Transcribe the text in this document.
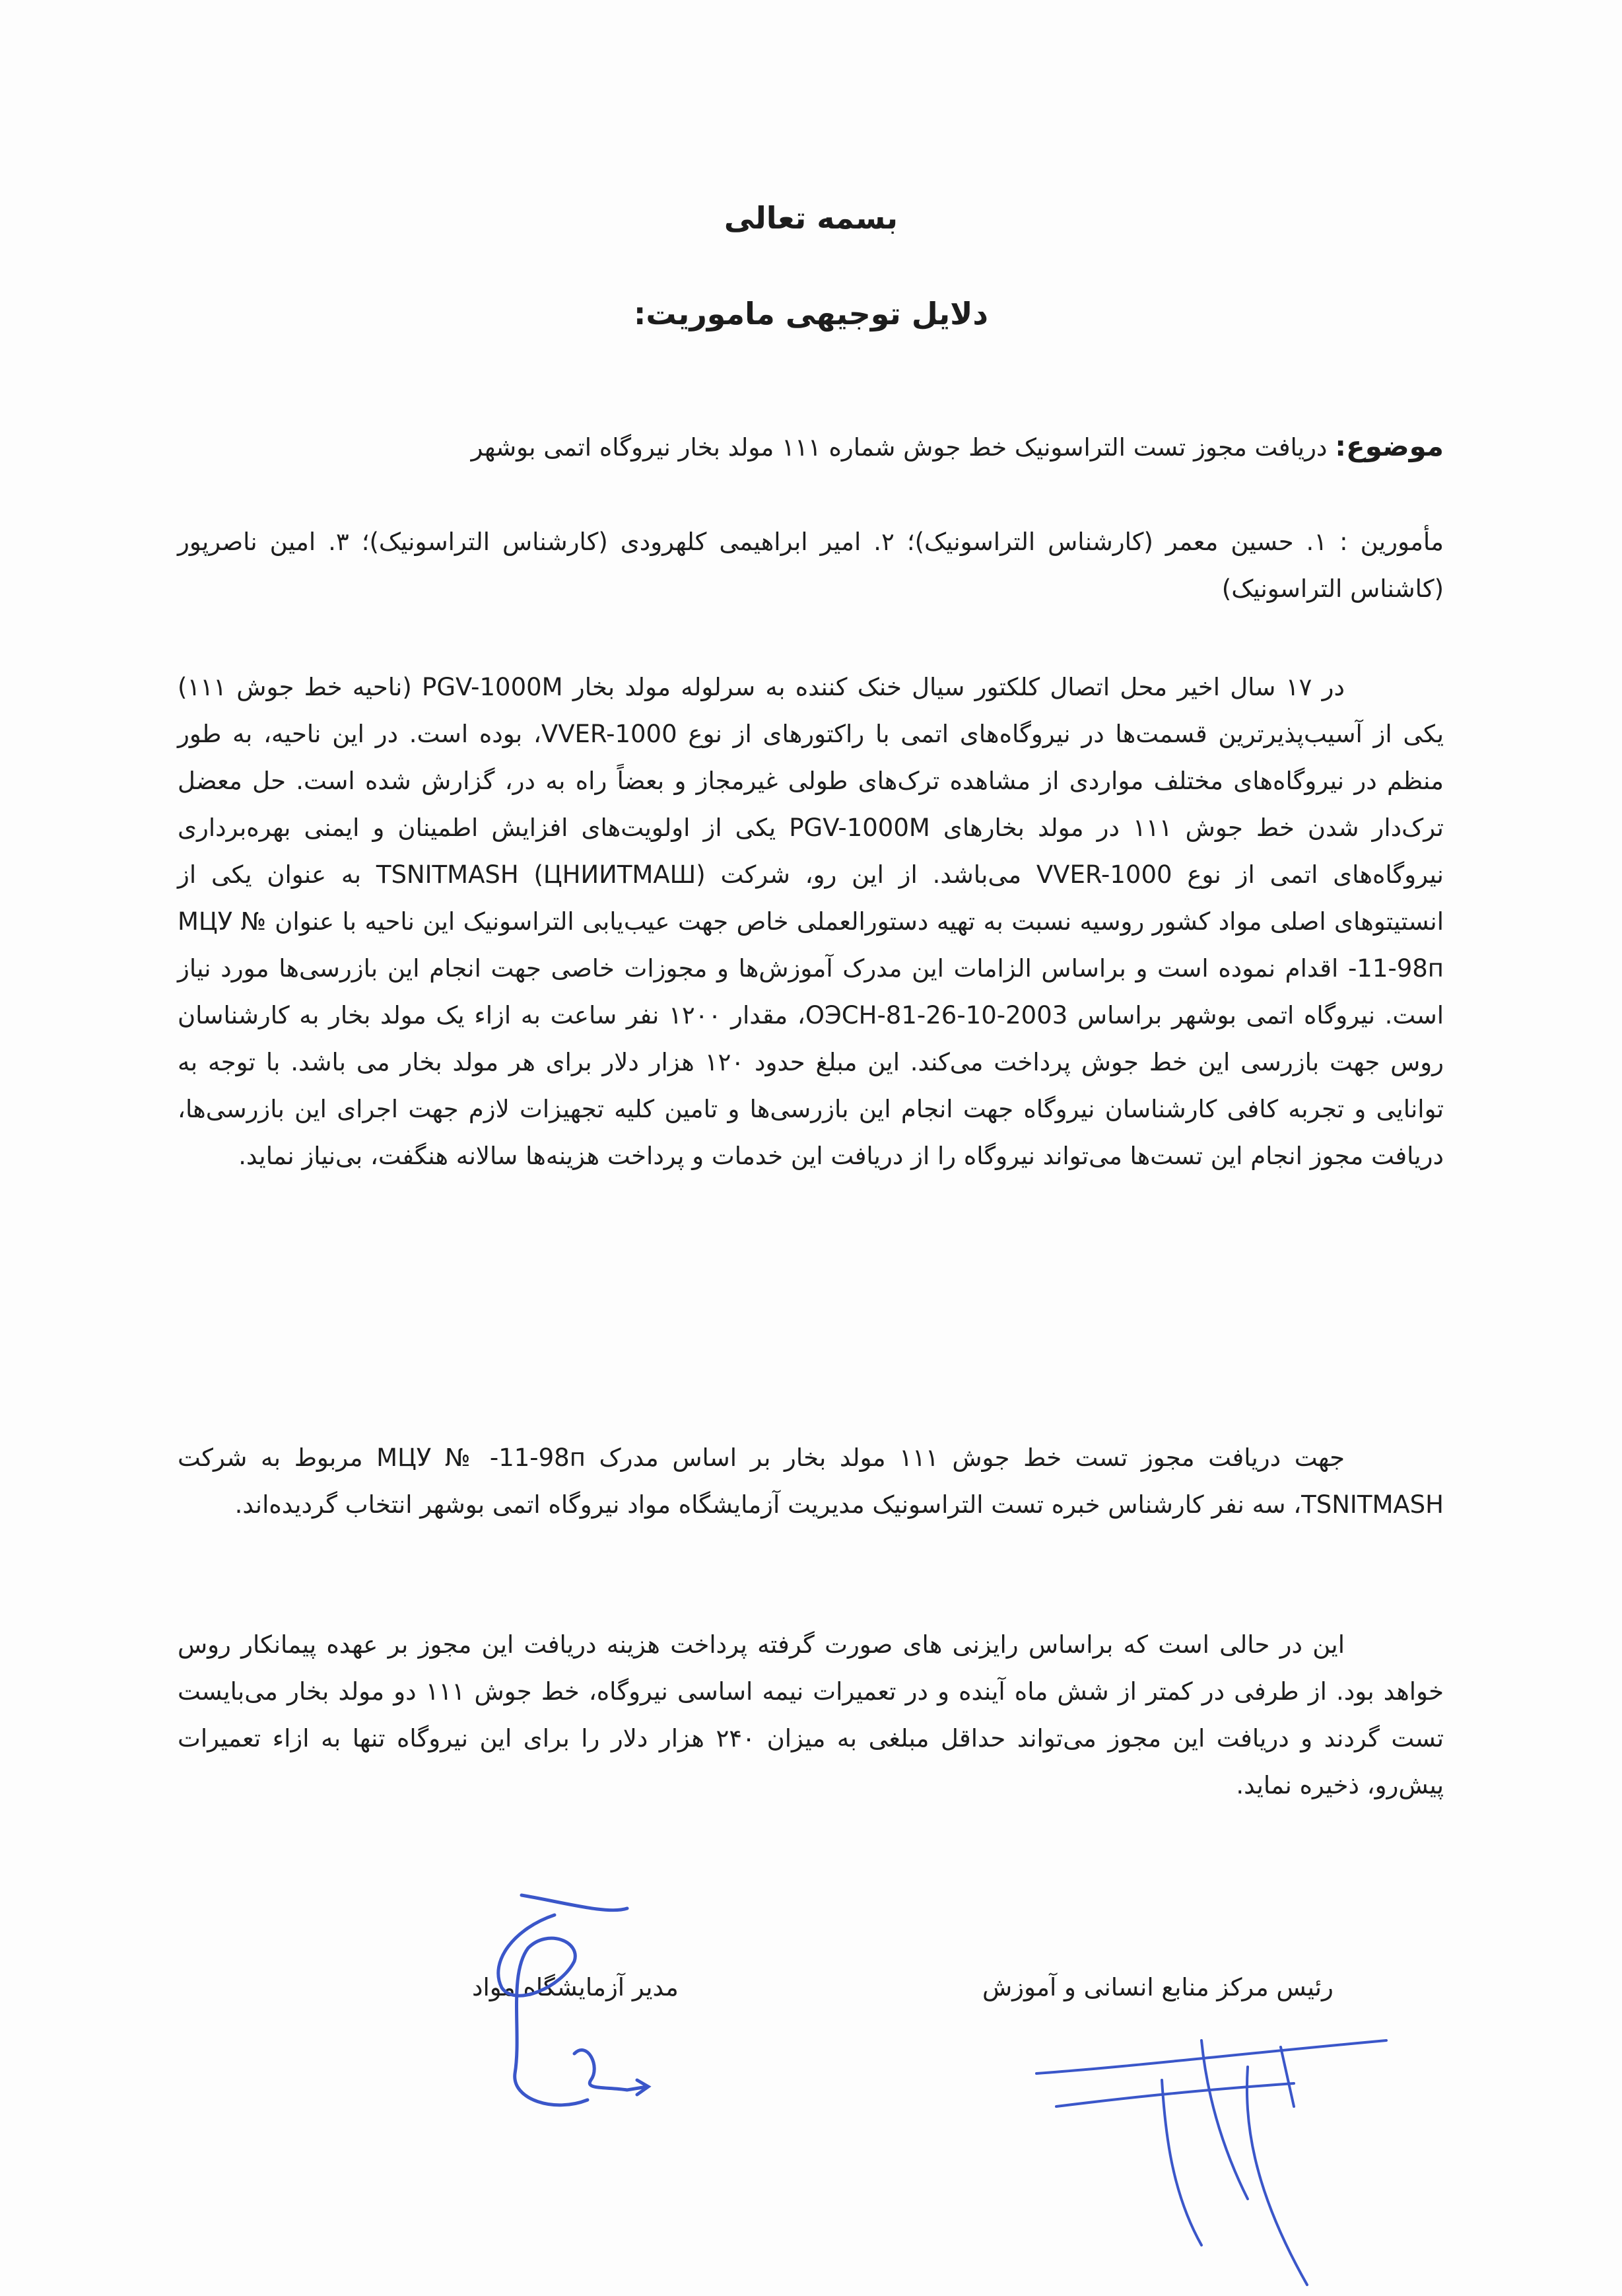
بسمه تعالی
دلایل توجیهی ماموریت:
موضوع: دریافت مجوز تست التراسونیک خط جوش شماره ۱۱۱ مولد بخار نیروگاه اتمی بوشهر
مأمورین : ۱. حسین معمر (کارشناس التراسونیک)؛ ۲. امیر ابراهیمی کلهرودی (کارشناس التراسونیک)؛ ۳. امین ناصرپور (کاشناس التراسونیک)
در ۱۷ سال اخیر محل اتصال کلکتور سیال خنک کننده به سرلوله مولد بخار PGV-1000M (ناحیه خط جوش ۱۱۱) یکی از آسیب‌پذیرترین قسمت‌ها در نیروگاه‌های اتمی با راکتورهای از نوع VVER-1000، بوده است. در این ناحیه، به طور منظم در نیروگاه‌های مختلف مواردی از مشاهده ترک‌های طولی غیرمجاز و بعضاً راه به در، گزارش شده است. حل معضل ترک‌دار شدن خط جوش ۱۱۱ در مولد بخارهای PGV-1000M یکی از اولویت‌های افزایش اطمینان و ایمنی بهره‌برداری نیروگاه‌های اتمی از نوع VVER-1000 می‌باشد. از این رو، شرکت TSNITMASH (ЦНИИТМАШ) به عنوان یکی از انستیتوهای اصلی مواد کشور روسیه نسبت به تهیه دستورالعملی خاص جهت عیب‌یابی التراسونیک این ناحیه با عنوان МЦУ № -11-98п اقدام نموده است و براساس الزامات این مدرک آموزش‌ها و مجوزات خاصی جهت انجام این بازرسی‌ها مورد نیاز است. نیروگاه اتمی بوشهر براساس ОЭСН-81-26-10-2003، مقدار ۱۲۰۰ نفر ساعت به ازاء یک مولد بخار به کارشناسان روس جهت بازرسی این خط جوش پرداخت می‌کند. این مبلغ حدود ۱۲۰ هزار دلار برای هر مولد بخار می باشد. با توجه به توانایی و تجربه کافی کارشناسان نیروگاه جهت انجام این بازرسی‌ها و تامین کلیه تجهیزات لازم جهت اجرای این بازرسی‌ها، دریافت مجوز انجام این تست‌ها می‌تواند نیروگاه را از دریافت این خدمات و پرداخت هزینه‌ها سالانه هنگفت، بی‌نیاز نماید.
جهت دریافت مجوز تست خط جوش ۱۱۱ مولد بخار بر اساس مدرک МЦУ № -11-98п مربوط به شرکت TSNITMASH، سه نفر کارشناس خبره تست التراسونیک مدیریت آزمایشگاه مواد نیروگاه اتمی بوشهر انتخاب گردیده‌اند.
این در حالی است که براساس رایزنی های صورت گرفته پرداخت هزینه دریافت این مجوز بر عهده پیمانکار روس خواهد بود. از طرفی در کمتر از شش ماه آینده و در تعمیرات نیمه اساسی نیروگاه، خط جوش ۱۱۱ دو مولد بخار می‌بایست تست گردند و دریافت این مجوز می‌تواند حداقل مبلغی به میزان ۲۴۰ هزار دلار را برای این نیروگاه تنها به ازاء تعمیرات پیش‌رو، ذخیره نماید.
مدیر آزمایشگاه مواد	رئیس مرکز منابع انسانی و آموزش
